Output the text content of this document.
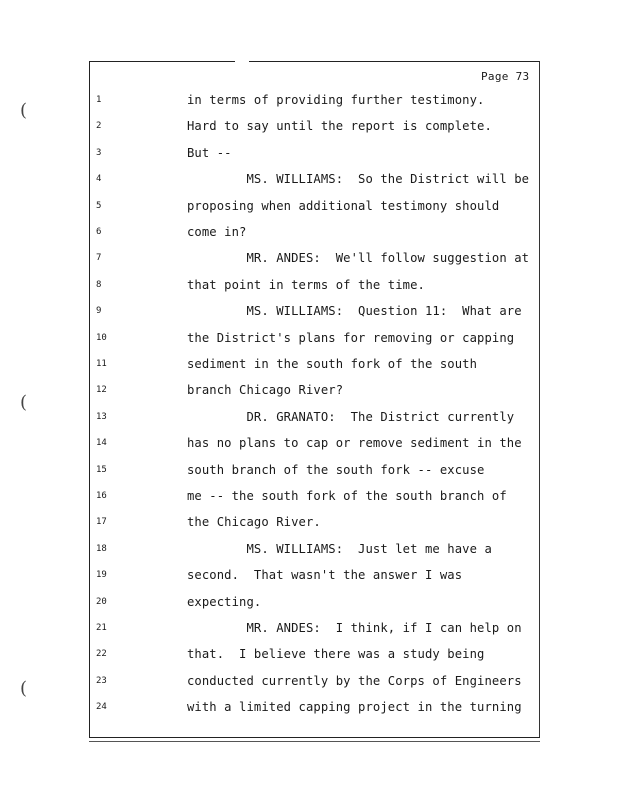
(
(
(
Page 73
1	in terms of providing further testimony.
2	Hard to say until the report is complete.
3	But --
4	MS. WILLIAMS:  So the District will be
5	proposing when additional testimony should
6	come in?
7	MR. ANDES:  We'll follow suggestion at
8	that point in terms of the time.
9	MS. WILLIAMS:  Question 11:  What are
10	the District's plans for removing or capping
11	sediment in the south fork of the south
12	branch Chicago River?
13	DR. GRANATO:  The District currently
14	has no plans to cap or remove sediment in the
15	south branch of the south fork -- excuse
16	me -- the south fork of the south branch of
17	the Chicago River.
18	MS. WILLIAMS:  Just let me have a
19	second.  That wasn't the answer I was
20	expecting.
21	MR. ANDES:  I think, if I can help on
22	that.  I believe there was a study being
23	conducted currently by the Corps of Engineers
24	with a limited capping project in the turning
